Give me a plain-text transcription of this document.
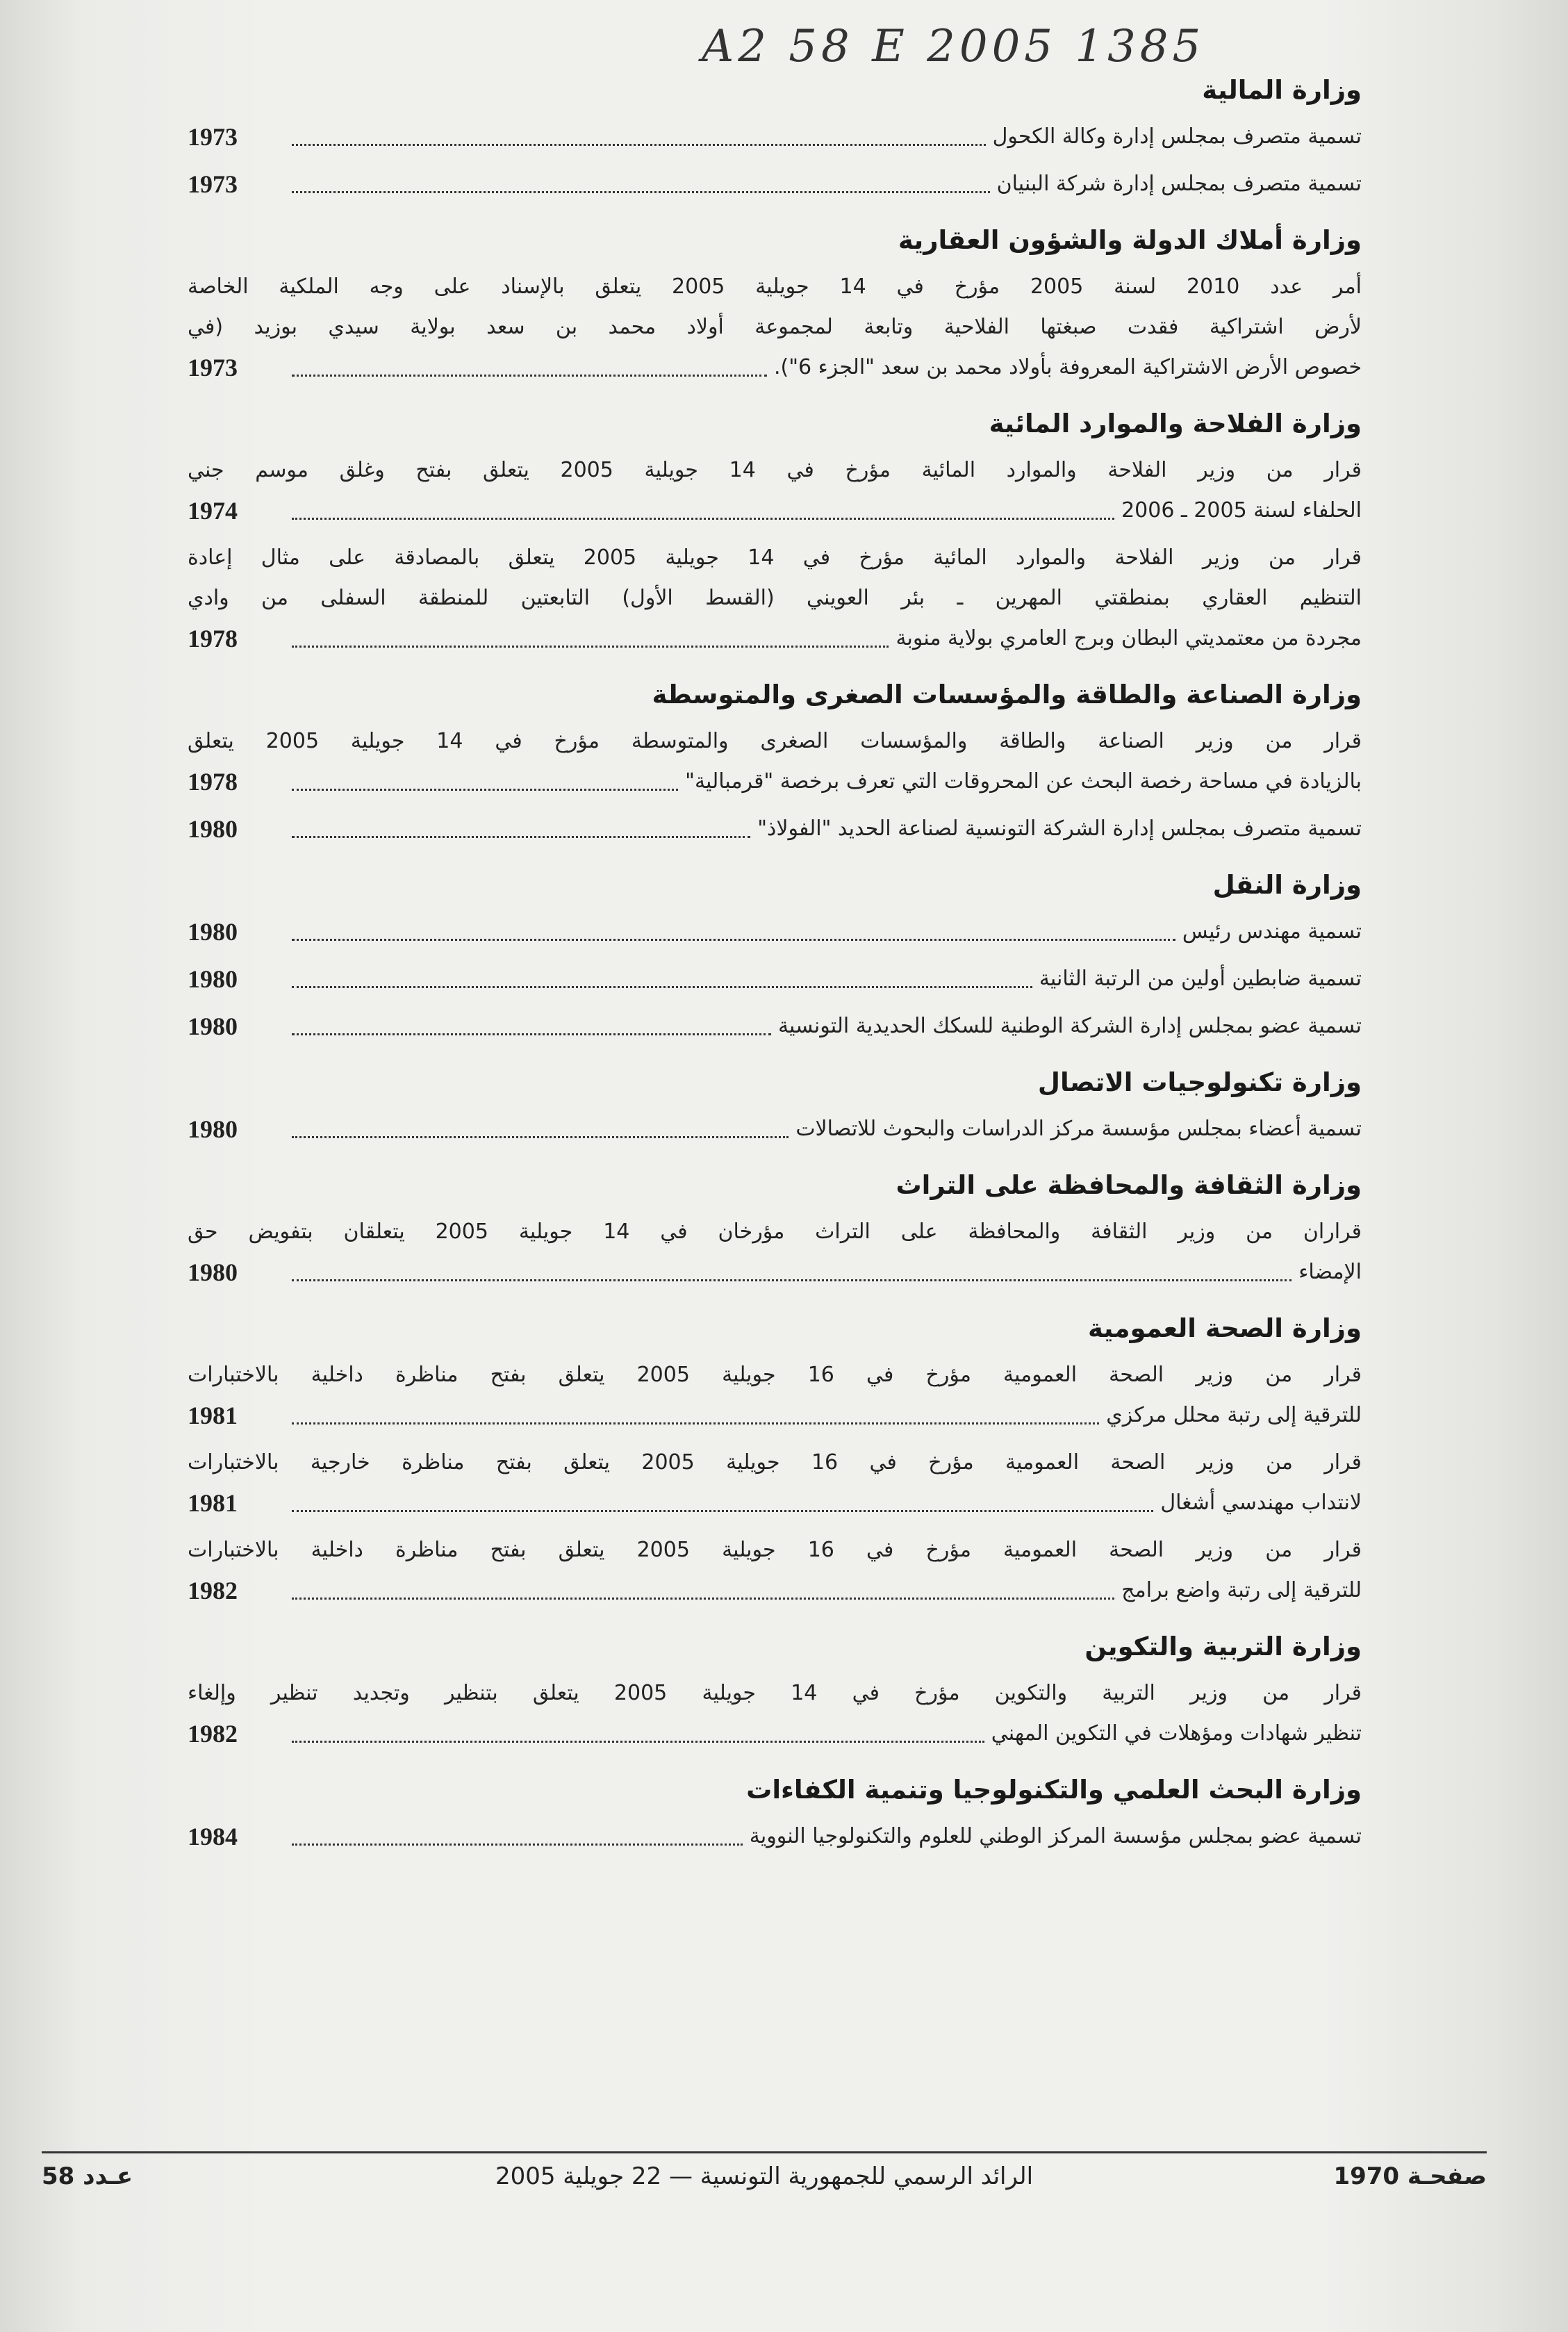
A2 58 E 2005 1385
وزارة المالية
تسمية متصرف بمجلس إدارة وكالة الكحول
1973
تسمية متصرف بمجلس إدارة شركة البنيان
1973
وزارة أملاك الدولة والشؤون العقارية
أمر عدد 2010 لسنة 2005 مؤرخ في 14 جويلية 2005 يتعلق بالإسناد على وجه الملكية الخاصة
لأرض اشتراكية فقدت صبغتها الفلاحية وتابعة لمجموعة أولاد محمد بن سعد بولاية سيدي بوزيد (في
خصوص الأرض الاشتراكية المعروفة بأولاد محمد بن سعد "الجزء 6").
1973
وزارة الفلاحة والموارد المائية
قرار من وزير الفلاحة والموارد المائية مؤرخ في 14 جويلية 2005 يتعلق بفتح وغلق موسم جني
الحلفاء لسنة 2005 ـ 2006
1974
قرار من وزير الفلاحة والموارد المائية مؤرخ في 14 جويلية 2005 يتعلق بالمصادقة على مثال إعادة
التنظيم العقاري بمنطقتي المهرين ـ بئر العويني (القسط الأول) التابعتين للمنطقة السفلى من وادي
مجردة من معتمديتي البطان وبرج العامري بولاية منوبة
1978
وزارة الصناعة والطاقة والمؤسسات الصغرى والمتوسطة
قرار من وزير الصناعة والطاقة والمؤسسات الصغرى والمتوسطة مؤرخ في 14 جويلية 2005 يتعلق
بالزيادة في مساحة رخصة البحث عن المحروقات التي تعرف برخصة "قرمبالية"
1978
تسمية متصرف بمجلس إدارة الشركة التونسية لصناعة الحديد "الفولاذ"
1980
وزارة النقل
تسمية مهندس رئيس
1980
تسمية ضابطين أولين من الرتبة الثانية
1980
تسمية عضو بمجلس إدارة الشركة الوطنية للسكك الحديدية التونسية
1980
وزارة تكنولوجيات الاتصال
تسمية أعضاء بمجلس مؤسسة مركز الدراسات والبحوث للاتصالات
1980
وزارة الثقافة والمحافظة على التراث
قراران من وزير الثقافة والمحافظة على التراث مؤرخان في 14 جويلية 2005 يتعلقان بتفويض حق
الإمضاء
1980
وزارة الصحة العمومية
قرار من وزير الصحة العمومية مؤرخ في 16 جويلية 2005 يتعلق بفتح مناظرة داخلية بالاختبارات
للترقية إلى رتبة محلل مركزي
1981
قرار من وزير الصحة العمومية مؤرخ في 16 جويلية 2005 يتعلق بفتح مناظرة خارجية بالاختبارات
لانتداب مهندسي أشغال
1981
قرار من وزير الصحة العمومية مؤرخ في 16 جويلية 2005 يتعلق بفتح مناظرة داخلية بالاختبارات
للترقية إلى رتبة واضع برامج
1982
وزارة التربية والتكوين
قرار من وزير التربية والتكوين مؤرخ في 14 جويلية 2005 يتعلق بتنظير وتجديد تنظير وإلغاء
تنظير شهادات ومؤهلات في التكوين المهني
1982
وزارة البحث العلمي والتكنولوجيا وتنمية الكفاءات
تسمية عضو بمجلس مؤسسة المركز الوطني للعلوم والتكنولوجيا النووية
1984
صفحـة 1970
الرائد الرسمي للجمهورية التونسية — 22 جويلية 2005
عـدد 58
